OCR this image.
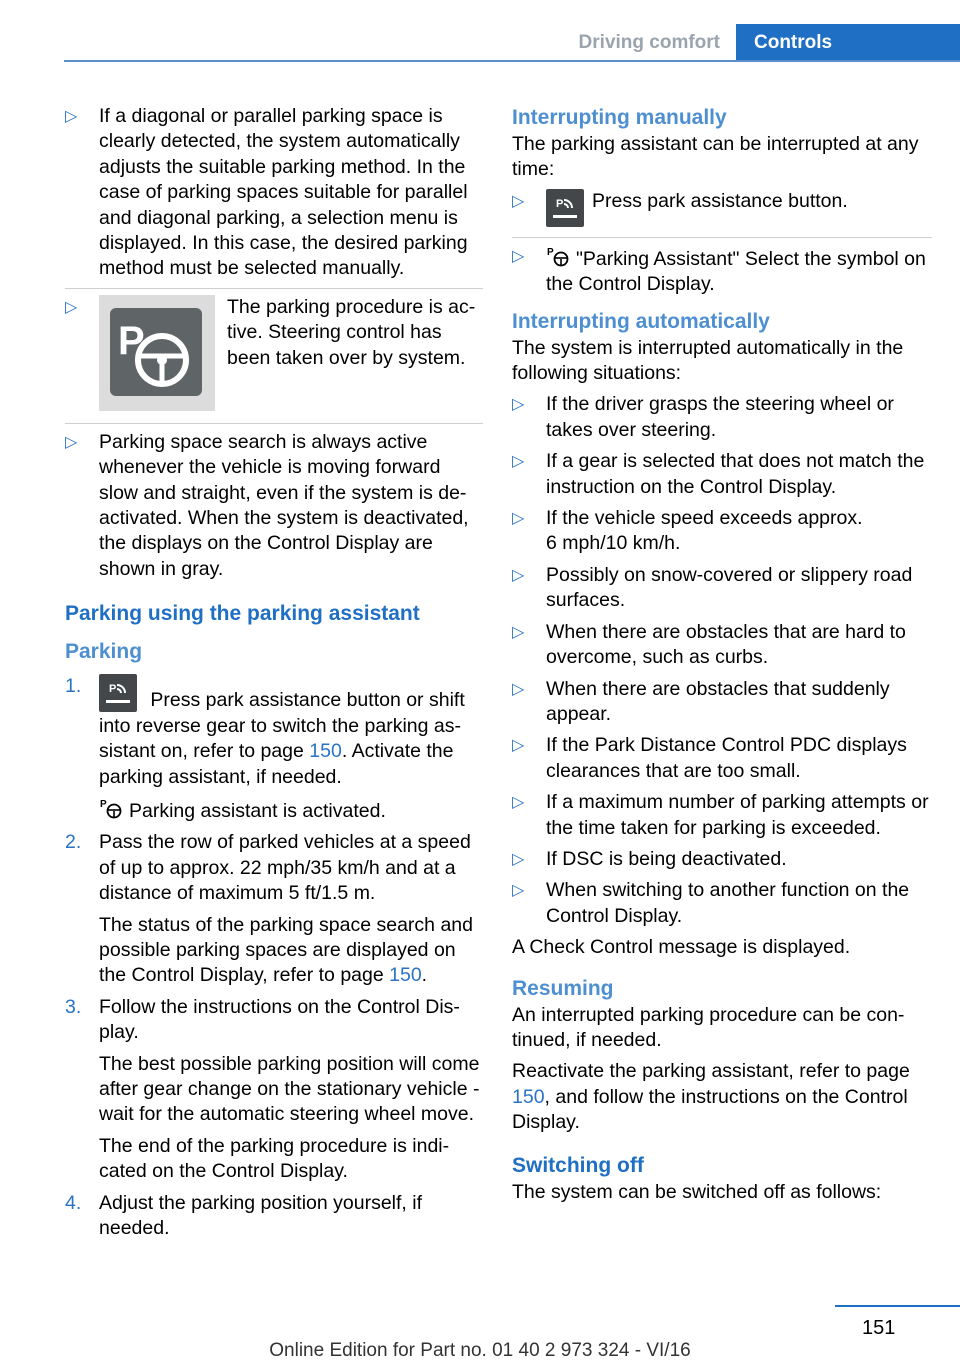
Driving comfort	Controls
▷ If a diagonal or parallel parking space is clearly detected, the system automatically adjusts the suitable parking method. In the case of parking spaces suitable for parallel and diagonal parking, a selection menu is displayed. In this case, the desired parking method must be selected manually.
▷
P
The parking procedure is active. Steering control has been taken over by system.
▷ Parking space search is always active whenever the vehicle is moving forward slow and straight, even if the system is deactivated. When the system is deactivated, the displays on the Control Display are shown in gray.
Parking using the parking assistant
Parking
1.	P Press park assistance button or shift into reverse gear to switch the parking assistant on, refer to page 150. Activate the parking assistant, if needed.

P Parking assistant is activated.

2. Pass the row of parked vehicles at a speed of up to approx. 22 mph/35 km/h and at a distance of maximum 5 ft/1.5 m.

The status of the parking space search and possible parking spaces are displayed on the Control Display, refer to page 150.

3. Follow the instructions on the Control Display.

The best possible parking position will come after gear change on the stationary vehicle - wait for the automatic steering wheel move.

The end of the parking procedure is indicated on the Control Display.

4. Adjust the parking position yourself, if needed.

Interrupting manually

The parking assistant can be interrupted at any time:

▷	P Press park assistance button.
▷ P "Parking Assistant" Select the symbol on the Control Display.
Interrupting automatically

The system is interrupted automatically in the following situations:

▷ If the driver grasps the steering wheel or takes over steering.
▷ If a gear is selected that does not match the instruction on the Control Display.
▷ If the vehicle speed exceeds approx.
6 mph/10 km/h.
▷ Possibly on snow-covered or slippery road surfaces.
▷ When there are obstacles that are hard to overcome, such as curbs.
▷ When there are obstacles that suddenly appear.
▷ If the Park Distance Control PDC displays clearances that are too small.
▷ If a maximum number of parking attempts or the time taken for parking is exceeded.
▷ If DSC is being deactivated.
▷ When switching to another function on the Control Display.

A Check Control message is displayed.

Resuming

An interrupted parking procedure can be continued, if needed.

Reactivate the parking assistant, refer to page 150, and follow the instructions on the Control Display.

Switching off

The system can be switched off as follows:

151
Online Edition for Part no. 01 40 2 973 324 - VI/16
